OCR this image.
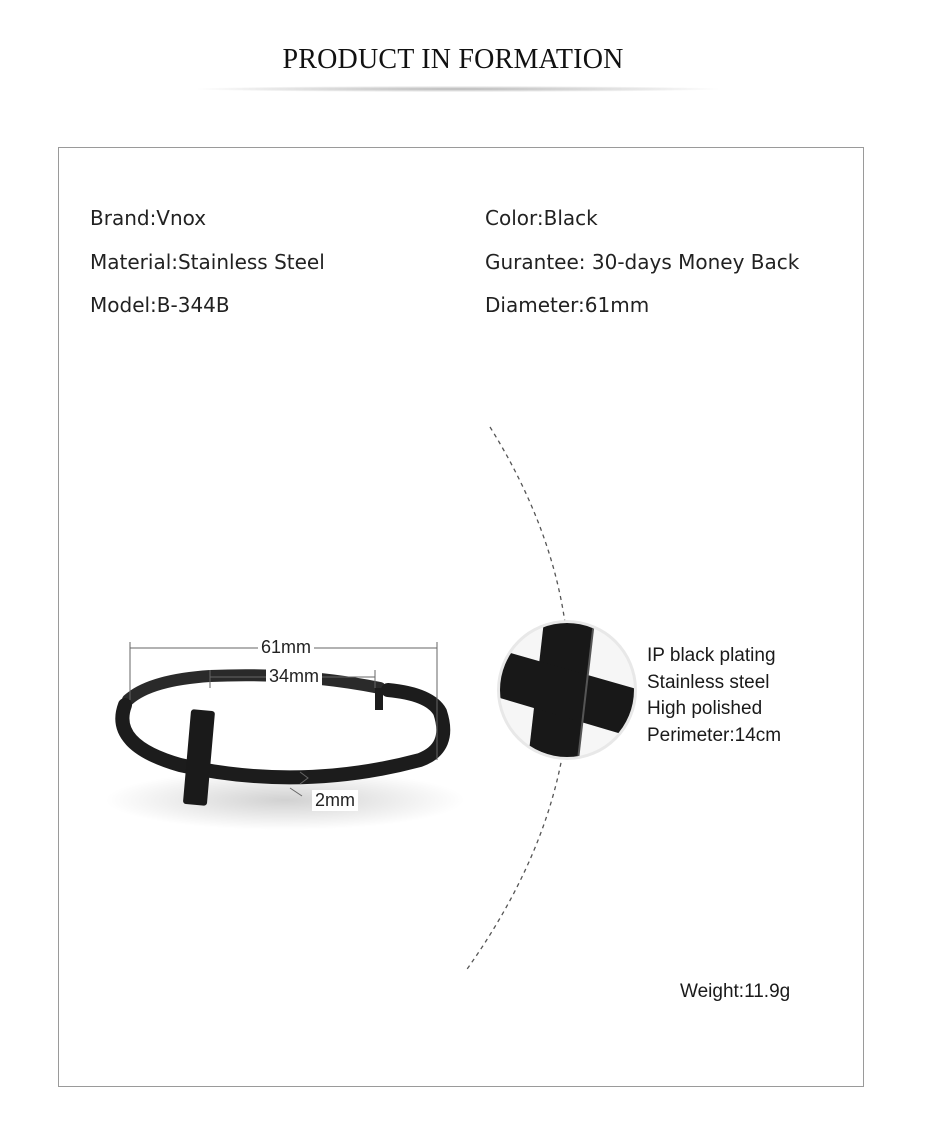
PRODUCT IN FORMATION
Brand:Vnox
Material:Stainless Steel
Model:B-344B
Color:Black
Gurantee: 30-days Money Back
Diameter:61mm
61mm
34mm
2mm
IP black plating
Stainless steel
High polished
Perimeter:14cm
Weight:11.9g
